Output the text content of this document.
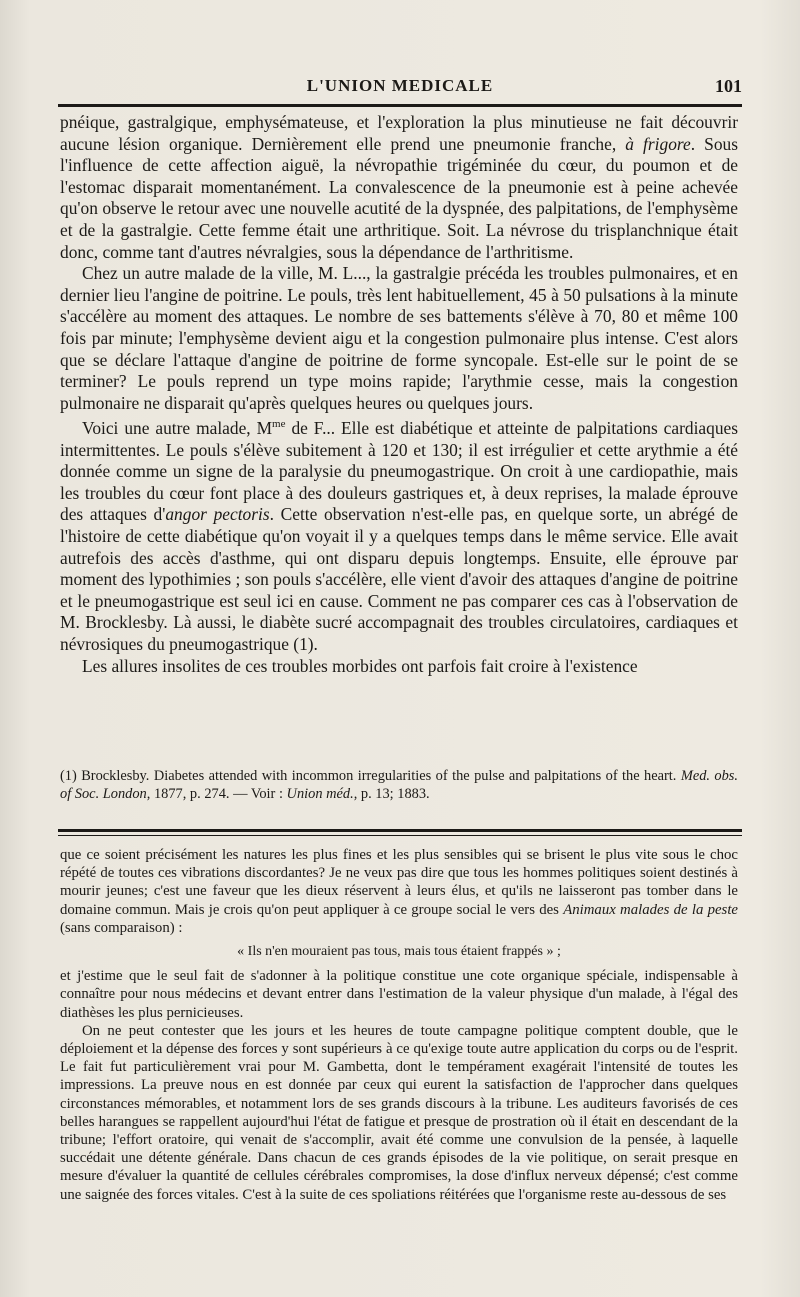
L'UNION MEDICALE	101

pnéique, gastralgique, emphysémateuse, et l'exploration la plus minutieuse ne fait découvrir aucune lésion organique. Dernièrement elle prend une pneumonie franche, à frigore. Sous l'influence de cette affection aiguë, la névropathie trigéminée du cœur, du poumon et de l'estomac disparait momentanément. La convalescence de la pneumonie est à peine achevée qu'on observe le retour avec une nouvelle acutité de la dyspnée, des palpitations, de l'emphysème et de la gastralgie. Cette femme était une arthritique. Soit. La névrose du trisplanchnique était donc, comme tant d'autres névralgies, sous la dépendance de l'arthritisme.

Chez un autre malade de la ville, M. L..., la gastralgie précéda les troubles pulmonaires, et en dernier lieu l'angine de poitrine. Le pouls, très lent habituellement, 45 à 50 pulsations à la minute s'accélère au moment des attaques. Le nombre de ses battements s'élève à 70, 80 et même 100 fois par minute; l'emphysème devient aigu et la congestion pulmonaire plus intense. C'est alors que se déclare l'attaque d'angine de poitrine de forme syncopale. Est-elle sur le point de se terminer? Le pouls reprend un type moins rapide; l'arythmie cesse, mais la congestion pulmonaire ne disparait qu'après quelques heures ou quelques jours.

Voici une autre malade, $M^{me}$ de F... Elle est diabétique et atteinte de palpitations cardiaques intermittentes. Le pouls s'élève subitement à 120 et 130; il est irrégulier et cette arythmie a été donnée comme un signe de la paralysie du pneumogastrique. On croit à une cardiopathie, mais les troubles du cœur font place à des douleurs gastriques et, à deux reprises, la malade éprouve des attaques d'angor pectoris. Cette observation n'est-elle pas, en quelque sorte, un abrégé de l'histoire de cette diabétique qu'on voyait il y a quelques temps dans le même service. Elle avait autrefois des accès d'asthme, qui ont disparu depuis longtemps. Ensuite, elle éprouve par moment des lypothimies ; son pouls s'accélère, elle vient d'avoir des attaques d'angine de poitrine et le pneumogastrique est seul ici en cause. Comment ne pas comparer ces cas à l'observation de M. Brocklesby. Là aussi, le diabète sucré accompagnait des troubles circulatoires, cardiaques et névrosiques du pneumogastrique (1).

Les allures insolites de ces troubles morbides ont parfois fait croire à l'existence

(1) Brocklesby. Diabetes attended with incommon irregularities of the pulse and palpitations of the heart. Med. obs. of Soc. London, 1877, p. 274. — Voir : Union méd., p. 13; 1883.

que ce soient précisément les natures les plus fines et les plus sensibles qui se brisent le plus vite sous le choc répété de toutes ces vibrations discordantes? Je ne veux pas dire que tous les hommes politiques soient destinés à mourir jeunes; c'est une faveur que les dieux réservent à leurs élus, et qu'ils ne laisseront pas tomber dans le domaine commun. Mais je crois qu'on peut appliquer à ce groupe social le vers des Animaux malades de la peste (sans comparaison) :

« Ils n'en mouraient pas tous, mais tous étaient frappés » ;

et j'estime que le seul fait de s'adonner à la politique constitue une cote organique spéciale, indispensable à connaître pour nous médecins et devant entrer dans l'estimation de la valeur physique d'un malade, à l'égal des diathèses les plus pernicieuses.

On ne peut contester que les jours et les heures de toute campagne politique comptent double, que le déploiement et la dépense des forces y sont supérieurs à ce qu'exige toute autre application du corps ou de l'esprit. Le fait fut particulièrement vrai pour M. Gambetta, dont le tempérament exagérait l'intensité de toutes les impressions. La preuve nous en est donnée par ceux qui eurent la satisfaction de l'approcher dans quelques circonstances mémorables, et notamment lors de ses grands discours à la tribune. Les auditeurs favorisés de ces belles harangues se rappellent aujourd'hui l'état de fatigue et presque de prostration où il était en descendant de la tribune; l'effort oratoire, qui venait de s'accomplir, avait été comme une convulsion de la pensée, à laquelle succédait une détente générale. Dans chacun de ces grands épisodes de la vie politique, on serait presque en mesure d'évaluer la quantité de cellules cérébrales compromises, la dose d'influx nerveux dépensé; c'est comme une saignée des forces vitales. C'est à la suite de ces spoliations réitérées que l'organisme reste au-dessous de ses
